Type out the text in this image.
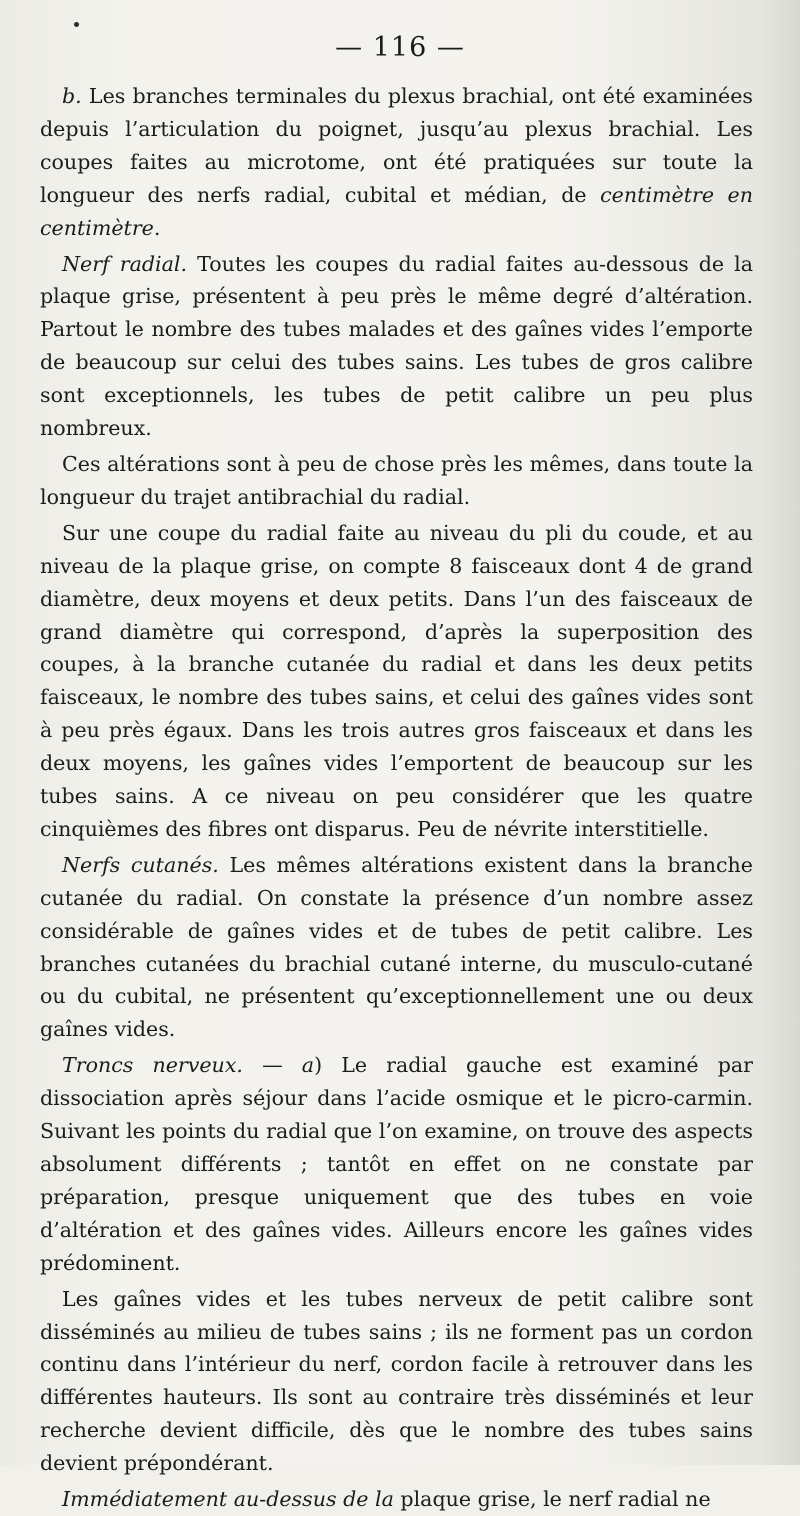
— 116 —

b. Les branches terminales du plexus brachial, ont été examinées depuis l’articulation du poignet, jusqu’au plexus brachial. Les coupes faites au microtome, ont été pratiquées sur toute la longueur des nerfs radial, cubital et médian, de centimètre en centimètre.

Nerf radial. Toutes les coupes du radial faites au-dessous de la plaque grise, présentent à peu près le même degré d’altération. Partout le nombre des tubes malades et des gaînes vides l’emporte de beaucoup sur celui des tubes sains. Les tubes de gros calibre sont exceptionnels, les tubes de petit calibre un peu plus nombreux.

Ces altérations sont à peu de chose près les mêmes, dans toute la longueur du trajet antibrachial du radial.

Sur une coupe du radial faite au niveau du pli du coude, et au niveau de la plaque grise, on compte 8 faisceaux dont 4 de grand diamètre, deux moyens et deux petits. Dans l’un des faisceaux de grand diamètre qui correspond, d’après la superposition des coupes, à la branche cutanée du radial et dans les deux petits faisceaux, le nombre des tubes sains, et celui des gaînes vides sont à peu près égaux. Dans les trois autres gros faisceaux et dans les deux moyens, les gaînes vides l’emportent de beaucoup sur les tubes sains. A ce niveau on peu considérer que les quatre cinquièmes des fibres ont disparus. Peu de névrite interstitielle.

Nerfs cutanés. Les mêmes altérations existent dans la branche cutanée du radial. On constate la présence d’un nombre assez considérable de gaînes vides et de tubes de petit calibre. Les branches cutanées du brachial cutané interne, du musculo-cutané ou du cubital, ne présentent qu’exceptionnellement une ou deux gaînes vides.

Troncs nerveux. — a) Le radial gauche est examiné par dissociation après séjour dans l’acide osmique et le picro-carmin. Suivant les points du radial que l’on examine, on trouve des aspects absolument différents ; tantôt en effet on ne constate par préparation, presque uniquement que des tubes en voie d’altération et des gaînes vides. Ailleurs encore les gaînes vides prédominent.

Les gaînes vides et les tubes nerveux de petit calibre sont disséminés au milieu de tubes sains ; ils ne forment pas un cordon continu dans l’intérieur du nerf, cordon facile à retrouver dans les différentes hauteurs. Ils sont au contraire très disséminés et leur recherche devient difficile, dès que le nombre des tubes sains devient prépondérant.

Immédiatement au-dessus de la plaque grise, le nerf radial ne
